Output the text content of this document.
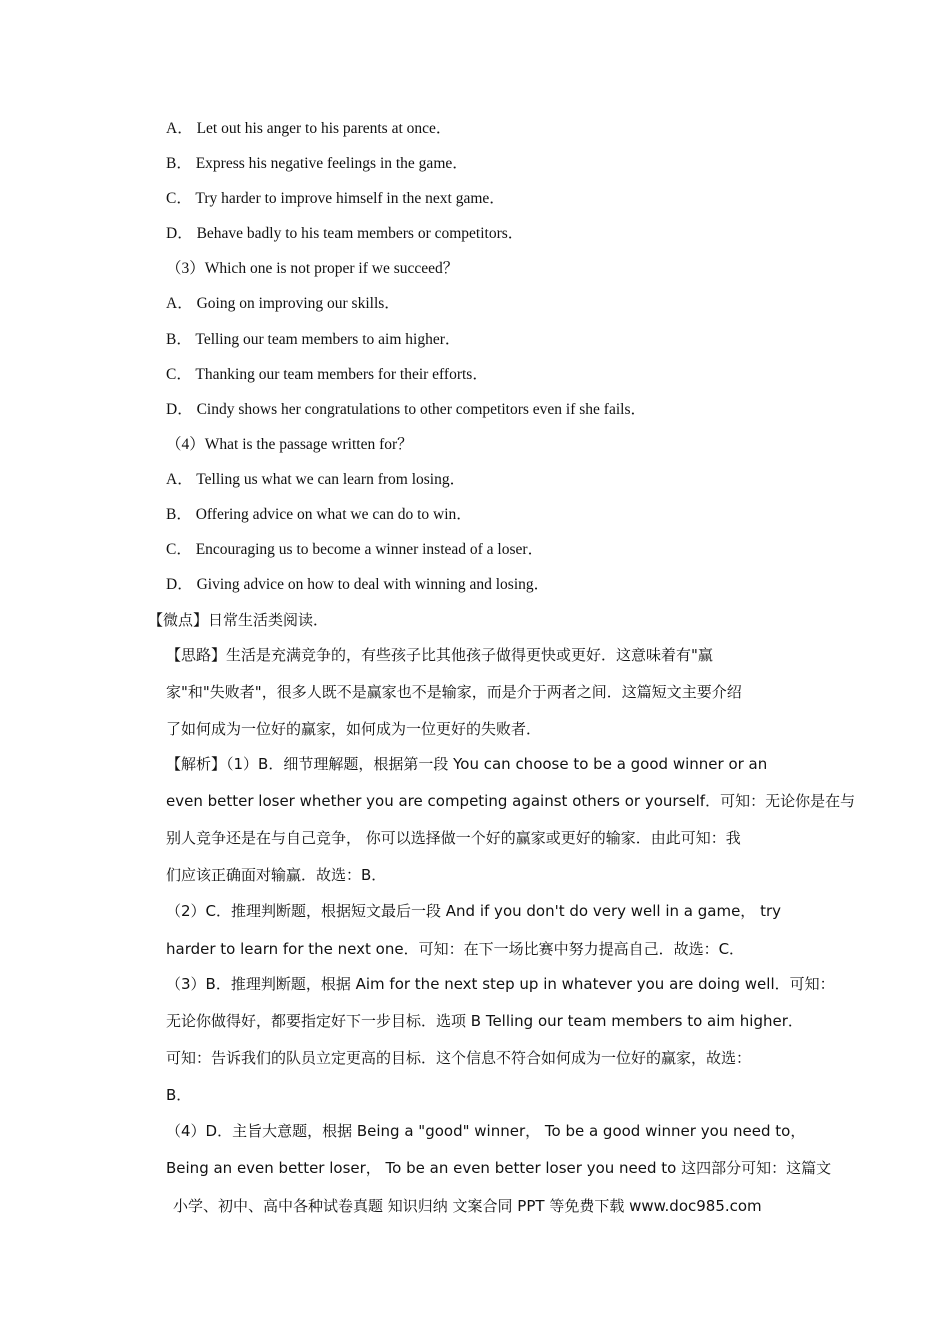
A． Let out his anger to his parents at once．
B． Express his negative feelings in the game．
C． Try harder to improve himself in the next game．
D． Behave badly to his team members or competitors．
（3）Which one is not proper if we succeed？
A． Going on improving our skills．
B． Telling our team members to aim higher．
C． Thanking our team members for their efforts．
D． Cindy shows her congratulations to other competitors even if she fails．
（4）What is the passage written for？
A． Telling us what we can learn from losing．
B． Offering advice on what we can do to win．
C． Encouraging us to become a winner instead of a loser．
D． Giving advice on how to deal with winning and losing．
【微点】日常生活类阅读．
【思路】生活是充满竞争的，有些孩子比其他孩子做得更快或更好．这意味着有"赢
家"和"失败者"，很多人既不是赢家也不是输家，而是介于两者之间．这篇短文主要介绍
了如何成为一位好的赢家，如何成为一位更好的失败者．
【解析】（1）B．细节理解题，根据第一段 You can choose to be a good winner or an
even better loser whether you are competing against others or yourself．可知：无论你是在与
别人竞争还是在与自己竞争， 你可以选择做一个好的赢家或更好的输家．由此可知：我
们应该正确面对输赢．故选：B．
（2）C．推理判断题，根据短文最后一段 And if you don't do very well in a game， try
harder to learn for the next one．可知：在下一场比赛中努力提高自己．故选：C．
（3）B．推理判断题，根据 Aim for the next step up in whatever you are doing well．可知：
无论你做得好，都要指定好下一步目标．选项 B Telling our team members to aim higher．
可知：告诉我们的队员立定更高的目标．这个信息不符合如何成为一位好的赢家，故选：
B．
（4）D．主旨大意题，根据 Being a "good" winner， To be a good winner you need to，
Being an even better loser， To be an even better loser you need to 这四部分可知：这篇文
小学、初中、高中各种试卷真题 知识归纳 文案合同 PPT 等免费下载 www.doc985.com
